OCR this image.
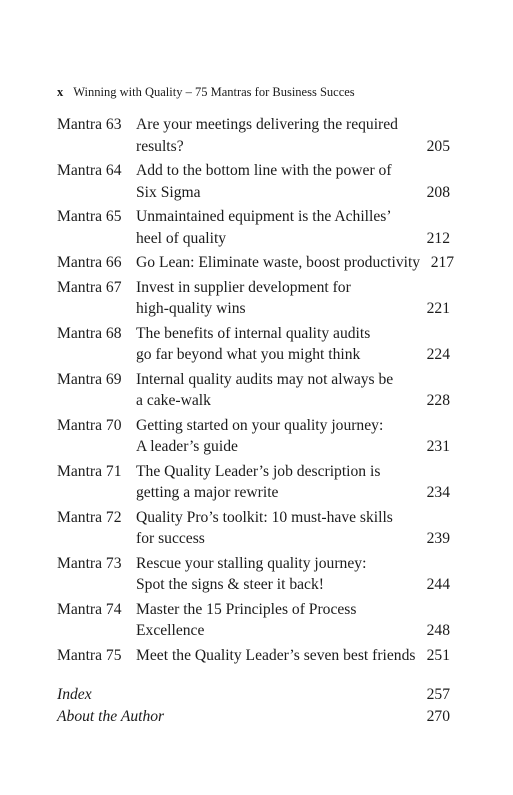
x Winning with Quality – 75 Mantras for Business Succes
Mantra 63 Are your meetings delivering the required
results?	205
Mantra 64 Add to the bottom line with the power of
Six Sigma	208
Mantra 65 Unmaintained equipment is the Achilles’
heel of quality	212
Mantra 66 Go Lean: Eliminate waste, boost productivity 217
Mantra 67 Invest in supplier development for
high-quality wins	221
Mantra 68 The benefits of internal quality audits
go far beyond what you might think	224
Mantra 69 Internal quality audits may not always be
a cake-walk	228
Mantra 70 Getting started on your quality journey:
A leader’s guide	231
Mantra 71 The Quality Leader’s job description is
getting a major rewrite	234
Mantra 72 Quality Pro’s toolkit: 10 must-have skills
for success	239
Mantra 73 Rescue your stalling quality journey:
Spot the signs & steer it back!	244
Mantra 74 Master the 15 Principles of Process
Excellence	248
Mantra 75 Meet the Quality Leader’s seven best friends 251
Index	257
About the Author	270
